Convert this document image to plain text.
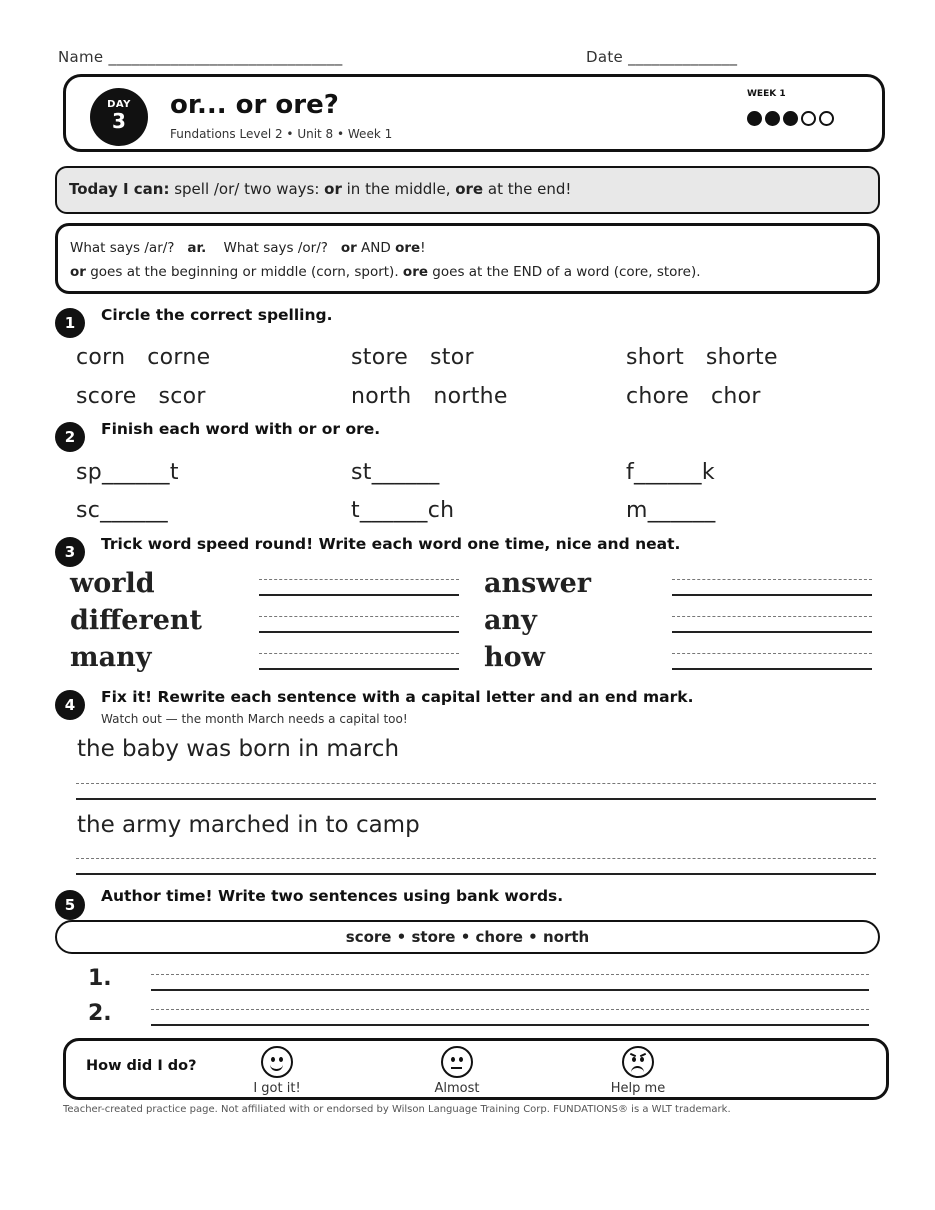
Name ______________________________	Date ______________
DAY
3
or... or ore?
Fundations Level 2 • Unit 8 • Week 1
WEEK 1
Today I can: spell /or/ two ways: or in the middle, ore at the end!
What says /ar/?   ar.    What says /or/?   or AND ore!
or goes at the beginning or middle (corn, sport). ore goes at the END of a word (core, store).
1	Circle the correct spelling.
corn   corne	store   stor	short   shorte
score   scor	north   northe	chore   chor
2	Finish each word with or or ore.
sp______t	st______	f______k
sc______	t______ch	m______
3	Trick word speed round! Write each word one time, nice and neat.
world	answer
different	any
many	how
4	Fix it! Rewrite each sentence with a capital letter and an end mark.
Watch out — the month March needs a capital too!
the baby was born in march
the army marched in to camp
5	Author time! Write two sentences using bank words.
score • store • chore • north
1.
2.
How did I do?
I got it!	Almost	Help me
Teacher-created practice page. Not affiliated with or endorsed by Wilson Language Training Corp. FUNDATIONS® is a WLT trademark.
